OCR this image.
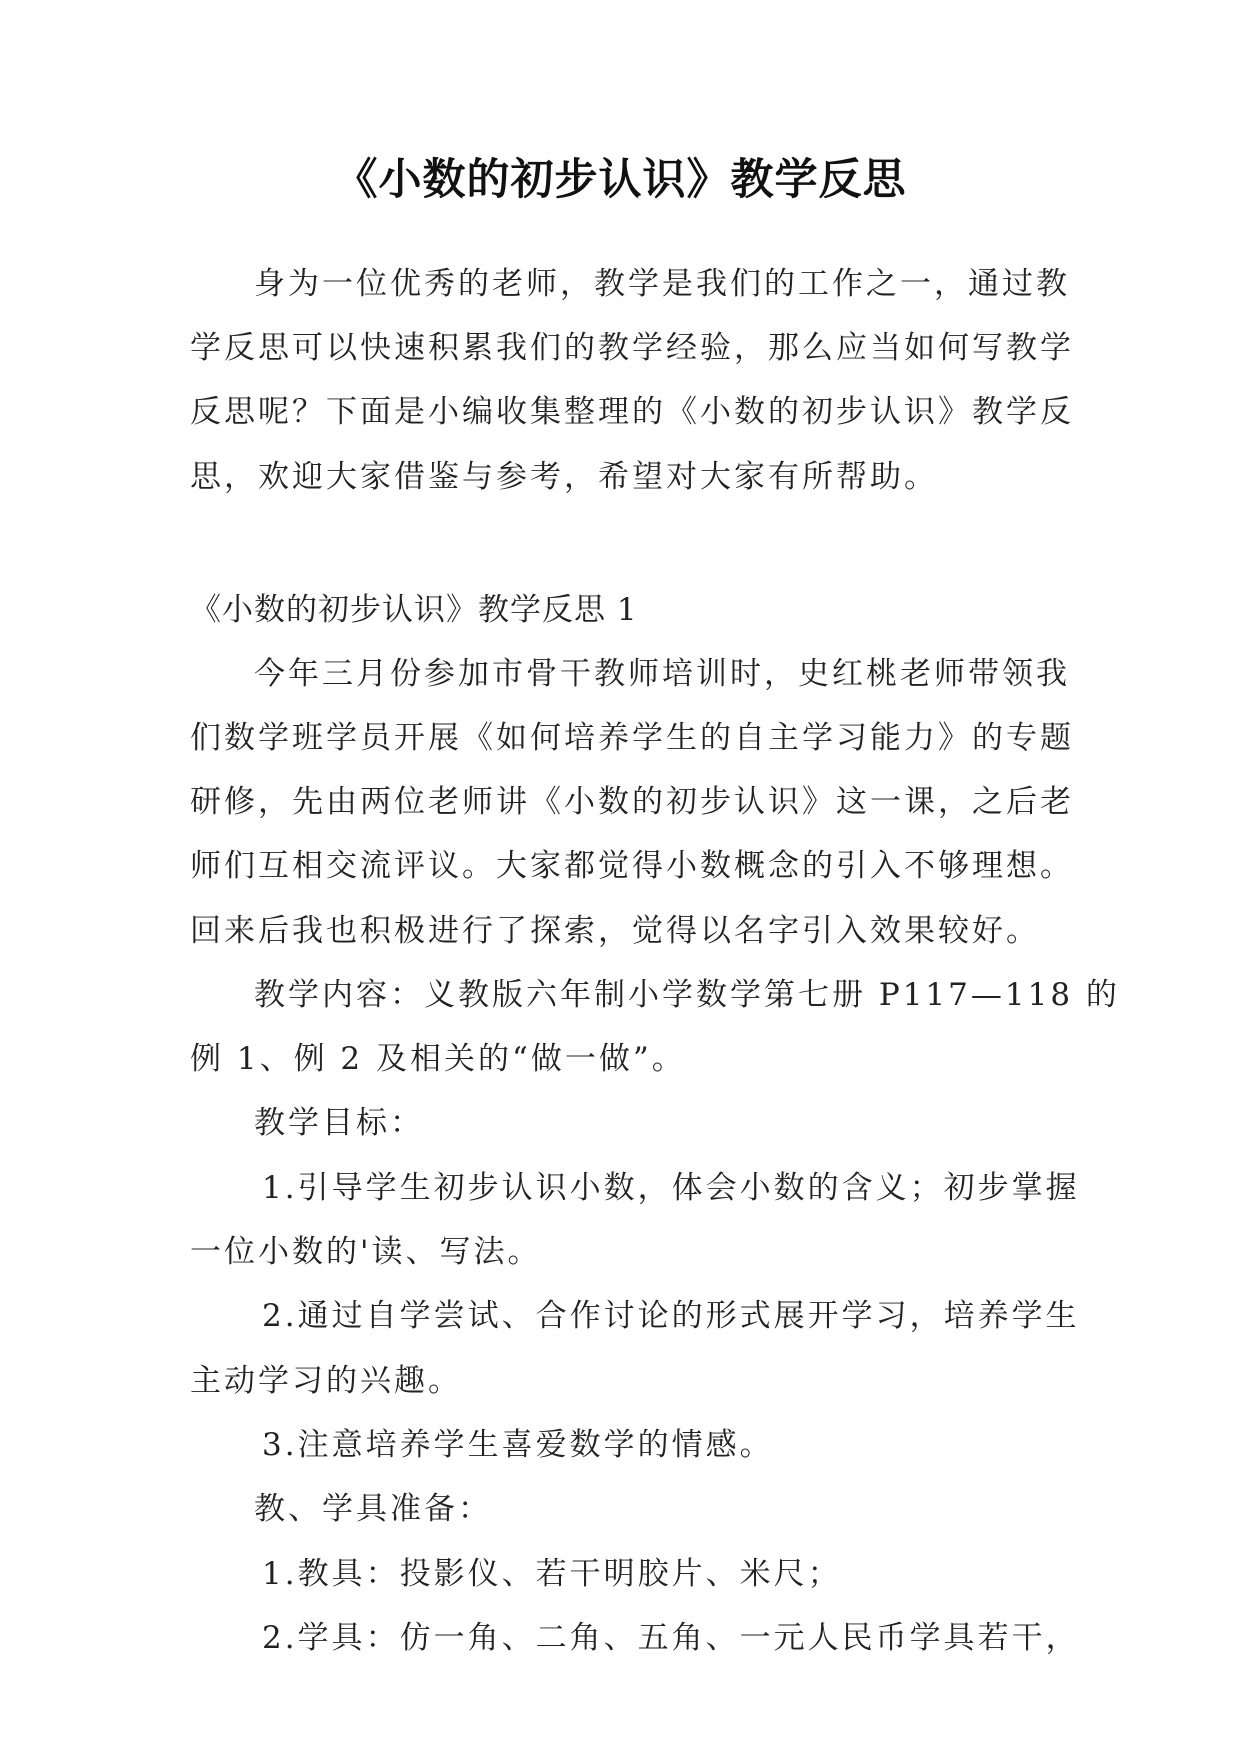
《小数的初步认识》教学反思
身为一位优秀的老师，教学是我们的工作之一，通过教
学反思可以快速积累我们的教学经验，那么应当如何写教学
反思呢？下面是小编收集整理的《小数的初步认识》教学反
思，欢迎大家借鉴与参考，希望对大家有所帮助。
《小数的初步认识》教学反思 1
今年三月份参加市骨干教师培训时，史红桃老师带领我
们数学班学员开展《如何培养学生的自主学习能力》的专题
研修，先由两位老师讲《小数的初步认识》这一课，之后老
师们互相交流评议。大家都觉得小数概念的引入不够理想。
回来后我也积极进行了探索，觉得以名字引入效果较好。
教学内容：义教版六年制小学数学第七册 P117—118 的
例 1、例 2 及相关的“做一做”。
教学目标：
1.引导学生初步认识小数，体会小数的含义；初步掌握
一位小数的'读、写法。
2.通过自学尝试、合作讨论的形式展开学习，培养学生
主动学习的兴趣。
3.注意培养学生喜爱数学的情感。
教、学具准备：
1.教具：投影仪、若干明胶片、米尺；
2.学具：仿一角、二角、五角、一元人民币学具若干，
